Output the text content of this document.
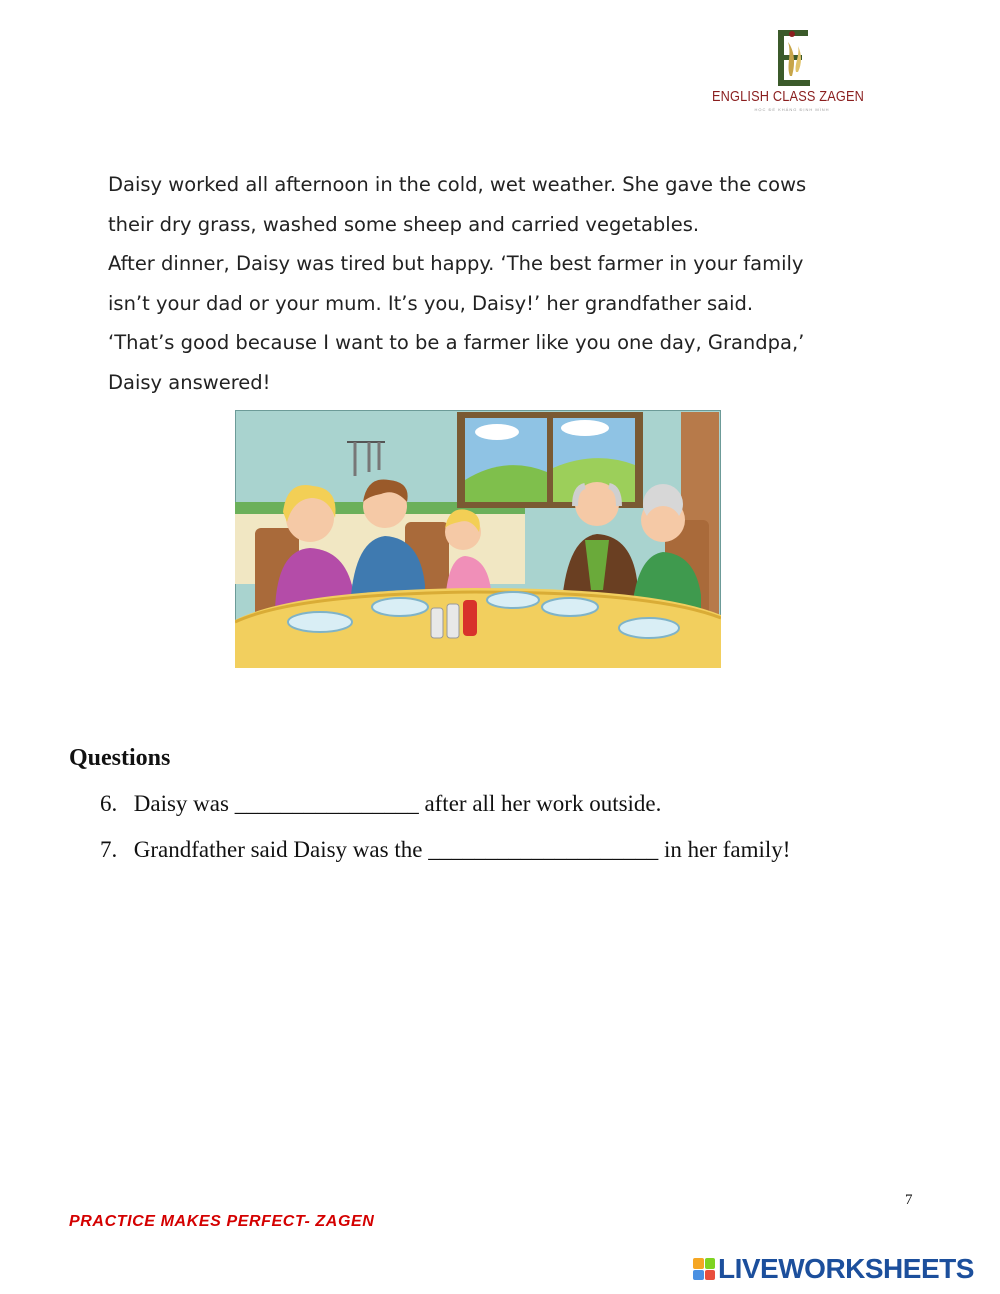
ENGLISH CLASS ZAGEN
HỌC ĐỂ KHÁNG ĐỊNH MÌNH

Daisy worked all afternoon in the cold, wet weather. She gave the cows

their dry grass, washed some sheep and carried vegetables.

After dinner, Daisy was tired but happy. ‘The best farmer in your family

isn’t your dad or your mum. It’s you, Daisy!’ her grandfather said.

‘That’s good because I want to be a farmer like you one day, Grandpa,’

Daisy answered!

Questions
6. Daisy was ________________ after all her work outside.
7. Grandfather said Daisy was the ____________________ in her family!
7
PRACTICE MAKES PERFECT- ZAGEN
LIVEWORKSHEETS
